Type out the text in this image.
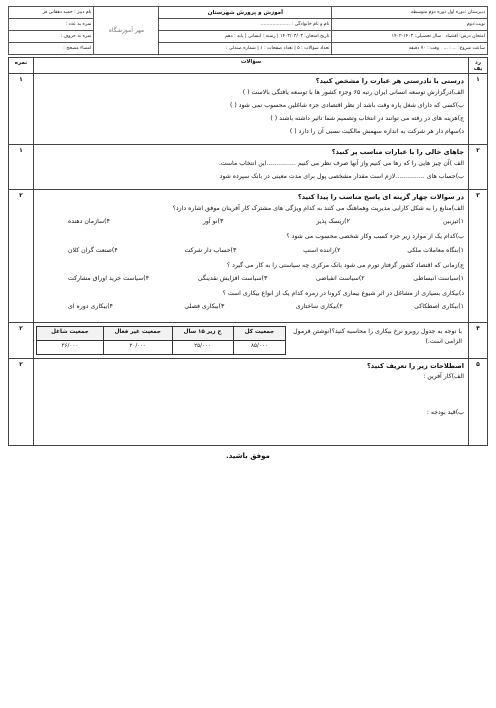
دبیرستان :دوره اول دوره دوم متوسطه	آموزش و پرورش شهرستان	مهر آموزشگاه	نام دبیر : حمید دهقانی فر
نوبت:دوم	نام و نام خانوادگی : ....................		نمره به عدد :
امتحان درس: اقتصاد   سال تحصیلی: ۱۴۰۳-۱۴۰۲	تاریخ امتحان: ۱۴۰۳/۰۳/۰۳ | رشته : انسانی | پایه : دهم		نمره به حروف :
ساعت شروع: ... : ...   وقت : ۷۰ دقیقه	تعداد سوالات : ۵ | تعداد صفحات : ۱ | شماره صندلی :		امضاء مصحح :
رد یف	سؤالات	نمره
۱	
درستی یا نادرستی هر عبارت را مشخص کنید؟
الف)درگزارش توسعه انسانی ایران رتبه ۶۵ وجزء کشور ها با توسعه یافتگی بالاست ( )
ب)کسی که دارای شغل پاره وقت باشد از نظر اقتصادی جزء شاغلین محسوب نمی شود ( )
ج)هزینه های در رفته می توانند در انتخاب وتصمیم شما تاثیر داشته باشند ( )
د)سهام دار هر شرکت به اندازه سهمش مالکیت نسبی آن را دارد ( )
	۱
۲	
جاهای خالی را با عبارات مناسب پر کنید؟
الف )آن چیز هایی را که رها می کنیم واز آنها صرف نظر می کنیم ...............این انتخاب ماست.
ب)حساب های ...............لازم است مقدار مشخصی پول برای مدت معینی در بانک سپرده شود
	۱
۳	
در سوالات چهار گزینه ای پاسخ مناسب را پیدا کنید؟
الف)منابع را به شکل کارایی مدیریت وهماهنگ می کنند به کدام ویژگی های مشترک کار آفرینان موفق اشاره دارد؟
۱)تیزبین
۲)ریسک پذیر
۳)نو آور
۴)سازمان دهنده
ب)کدام یک از موارد زیر جزء کسب وکار شخصی محسوب می شود ؟
۱)بنگاه معاملات ملکی
۲)راننده اسنپ
۳)حساب دار شرکت
۴)صنعت گران کلان
ج)زمانی که اقتصاد کشور گرفتار تورم می شود بانک مرکزی چه سیاستی را به کار می گیرد ؟
۱)سیاست انبساطی
۲)سیاست انقباضی
۳)سیاست افزایش نقدینگی
۴)سیاست خرید اوراق مشارکت
د)بیکاری بسیاری از مشاغل در اثر شیوع بیماری کرونا در زمره کدام یک از انواع بیکاری است ؟
۱)بیکاری اصطکاکی
۲)بیکاری ساختاری
۳)بیکاری فصلی
۴)بیکاری دوره ای
	۲
۴	
با توجه به جدول روبرو نرخ بیکاری را محاسبه کنید؟(نوشتن فرمول الزامی است.)
جمعیت کل	ج زیر ۱۵ سال	جمعیت غیر فعال	جمعیت شاغل
۸۵/۰۰۰	۲۵/۰۰۰	۲۰/۰۰۰	۳۶/۰۰۰
	۲
۵	
اصطلاحات زیر را تعریف کنید؟
الف)کار آفرین :
ب)قید بودجه :
	۲
موفق باشید.
